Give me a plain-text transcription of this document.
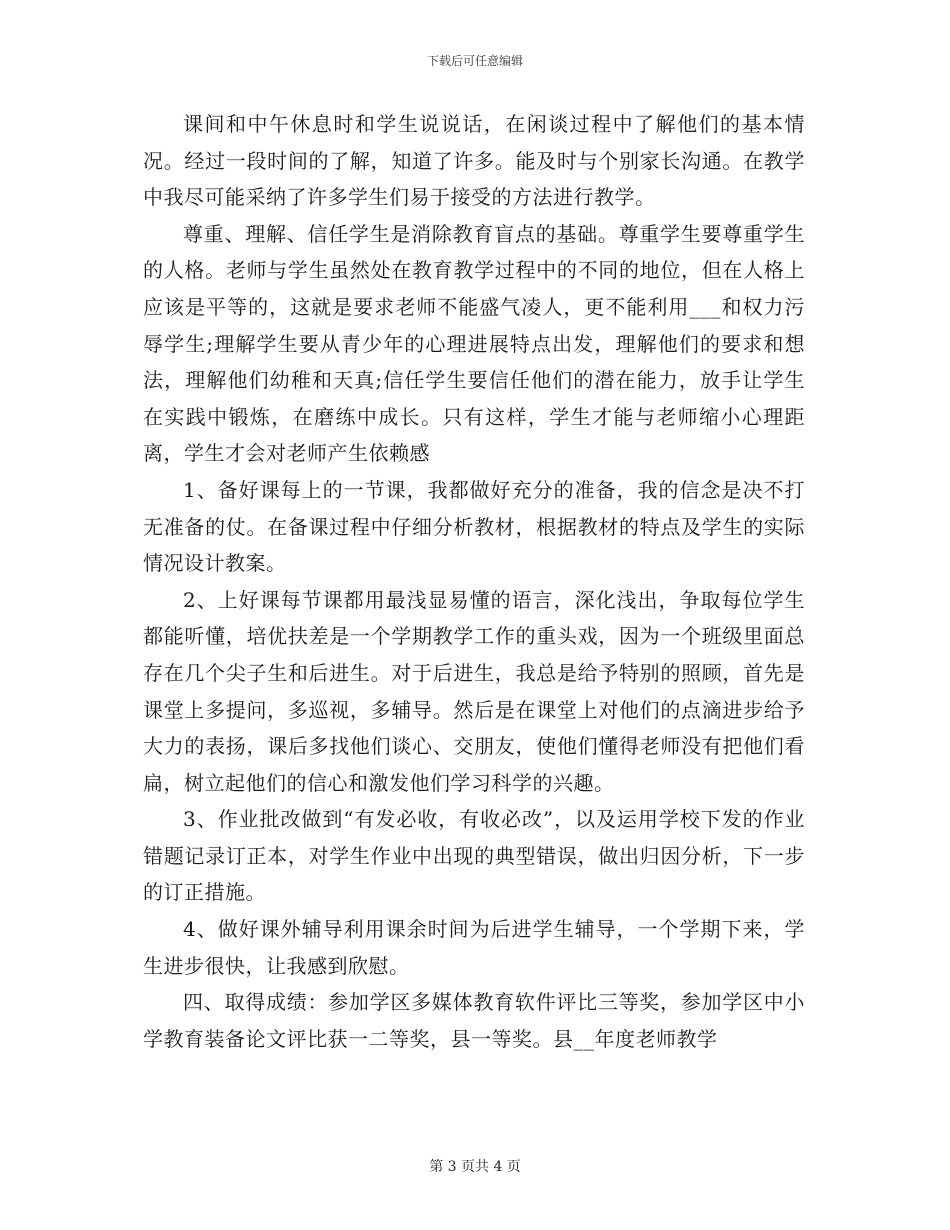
下载后可任意编辑

课间和中午休息时和学生说说话，在闲谈过程中了解他们的基本情况。经过一段时间的了解，知道了许多。能及时与个别家长沟通。在教学中我尽可能采纳了许多学生们易于接受的方法进行教学。

尊重、理解、信任学生是消除教育盲点的基础。尊重学生要尊重学生的人格。老师与学生虽然处在教育教学过程中的不同的地位，但在人格上应该是平等的，这就是要求老师不能盛气凌人，更不能利用___和权力污辱学生;理解学生要从青少年的心理进展特点出发，理解他们的要求和想法，理解他们幼稚和天真;信任学生要信任他们的潜在能力，放手让学生在实践中锻炼，在磨练中成长。只有这样，学生才能与老师缩小心理距离，学生才会对老师产生依赖感

1、备好课每上的一节课，我都做好充分的准备，我的信念是决不打无准备的仗。在备课过程中仔细分析教材，根据教材的特点及学生的实际情况设计教案。

2、上好课每节课都用最浅显易懂的语言，深化浅出，争取每位学生都能听懂，培优扶差是一个学期教学工作的重头戏，因为一个班级里面总存在几个尖子生和后进生。对于后进生，我总是给予特别的照顾，首先是课堂上多提问，多巡视，多辅导。然后是在课堂上对他们的点滴进步给予大力的表扬，课后多找他们谈心、交朋友，使他们懂得老师没有把他们看扁，树立起他们的信心和激发他们学习科学的兴趣。

3、作业批改做到“有发必收，有收必改”，以及运用学校下发的作业错题记录订正本，对学生作业中出现的典型错误，做出归因分析，下一步的订正措施。

4、做好课外辅导利用课余时间为后进学生辅导，一个学期下来，学生进步很快，让我感到欣慰。

四、取得成绩：参加学区多媒体教育软件评比三等奖，参加学区中小学教育装备论文评比获一二等奖，县一等奖。县__年度老师教学

第 3 页共 4 页
